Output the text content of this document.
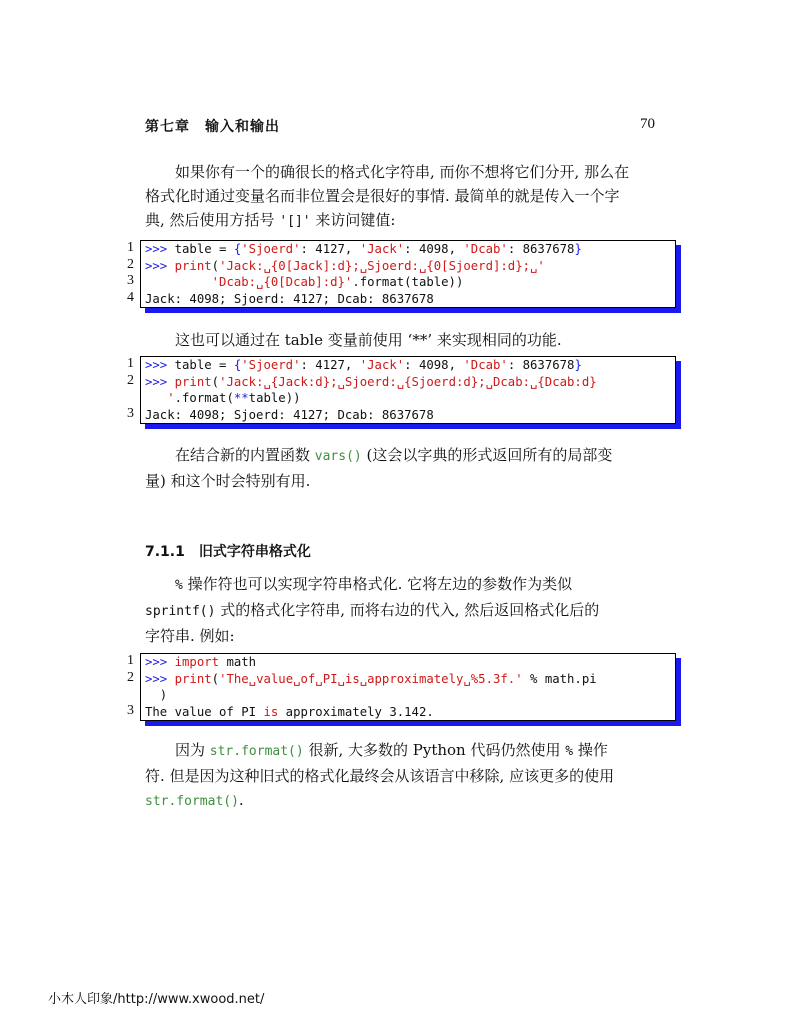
第七章　输入和输出	70
如果你有一个的确很长的格式化字符串, 而你不想将它们分开, 那么在
格式化时通过变量名而非位置会是很好的事情. 最简单的就是传入一个字
典, 然后使用方括号 '[]' 来访问键值:
1
2
3
4
>>> table = {'Sjoerd': 4127, 'Jack': 4098, 'Dcab': 8637678}
>>> print('Jack:␣{0[Jack]:d};␣Sjoerd:␣{0[Sjoerd]:d};␣'
'Dcab:␣{0[Dcab]:d}'.format(table))
Jack: 4098; Sjoerd: 4127; Dcab: 8637678
这也可以通过在 table 变量前使用 ‘**’ 来实现相同的功能.
1
2
3
>>> table = {'Sjoerd': 4127, 'Jack': 4098, 'Dcab': 8637678}
>>> print('Jack:␣{Jack:d};␣Sjoerd:␣{Sjoerd:d};␣Dcab:␣{Dcab:d}
'.format(**table))
Jack: 4098; Sjoerd: 4127; Dcab: 8637678
在结合新的内置函数 vars() (这会以字典的形式返回所有的局部变
量) 和这个时会特别有用.
7.1.1 旧式字符串格式化
% 操作符也可以实现字符串格式化. 它将左边的参数作为类似
sprintf() 式的格式化字符串, 而将右边的代入, 然后返回格式化后的
字符串. 例如:
1
2
3
>>> import math
>>> print('The␣value␣of␣PI␣is␣approximately␣%5.3f.' % math.pi
)
The value of PI is approximately 3.142.
因为 str.format() 很新, 大多数的 Python 代码仍然使用 % 操作
符. 但是因为这种旧式的格式化最终会从该语言中移除, 应该更多的使用
str.format().
小木人印象/http://www.xwood.net/
